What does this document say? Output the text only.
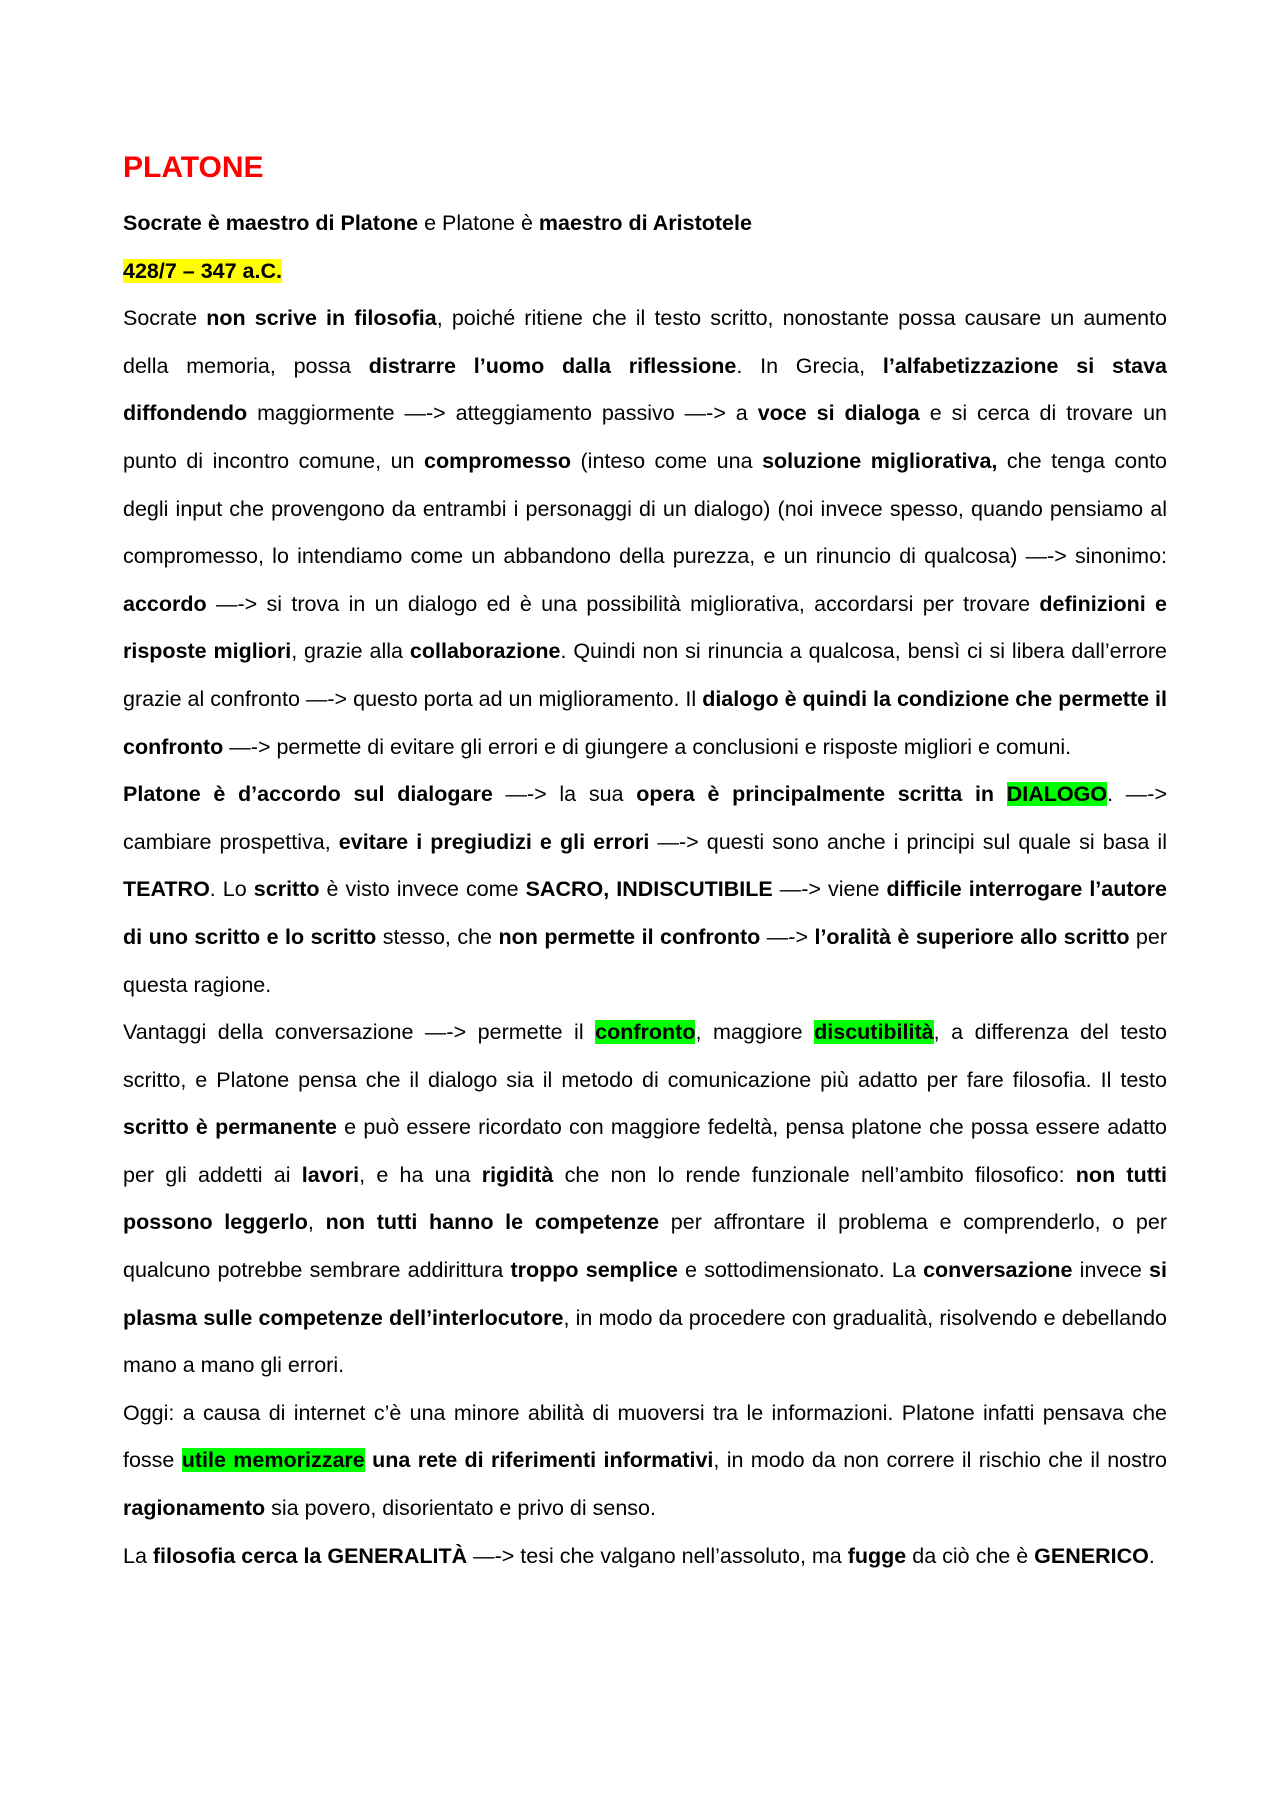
PLATONE
Socrate è maestro di Platone e Platone è maestro di Aristotele
428/7 – 347 a.C.

Socrate non scrive in filosofia, poiché ritiene che il testo scritto, nonostante possa causare un aumento della memoria, possa distrarre l’uomo dalla riflessione. In Grecia, l’alfabetizzazione si stava diffondendo maggiormente —-> atteggiamento passivo —-> a voce si dialoga e si cerca di trovare un punto di incontro comune, un compromesso (inteso come una soluzione migliorativa, che tenga conto degli input che provengono da entrambi i personaggi di un dialogo) (noi invece spesso, quando pensiamo al compromesso, lo intendiamo come un abbandono della purezza, e un rinuncio di qualcosa) —-> sinonimo: accordo —-> si trova in un dialogo ed è una possibilità migliorativa, accordarsi per trovare definizioni e risposte migliori, grazie alla collaborazione. Quindi non si rinuncia a qualcosa, bensì ci si libera dall’errore grazie al confronto —-> questo porta ad un miglioramento. Il dialogo è quindi la condizione che permette il confronto —-> permette di evitare gli errori e di giungere a conclusioni e risposte migliori e comuni.

Platone è d’accordo sul dialogare —-> la sua opera è principalmente scritta in DIALOGO. —-> cambiare prospettiva, evitare i pregiudizi e gli errori —-> questi sono anche i principi sul quale si basa il TEATRO. Lo scritto è visto invece come SACRO, INDISCUTIBILE —-> viene difficile interrogare l’autore di uno scritto e lo scritto stesso, che non permette il confronto —-> l’oralità è superiore allo scritto per questa ragione.

Vantaggi della conversazione —-> permette il confronto, maggiore discutibilità, a differenza del testo scritto, e Platone pensa che il dialogo sia il metodo di comunicazione più adatto per fare filosofia. Il testo scritto è permanente e può essere ricordato con maggiore fedeltà, pensa platone che possa essere adatto per gli addetti ai lavori, e ha una rigidità che non lo rende funzionale nell’ambito filosofico: non tutti possono leggerlo, non tutti hanno le competenze per affrontare il problema e comprenderlo, o per qualcuno potrebbe sembrare addirittura troppo semplice e sottodimensionato. La conversazione invece si plasma sulle competenze dell’interlocutore, in modo da procedere con gradualità, risolvendo e debellando mano a mano gli errori.

Oggi: a causa di internet c’è una minore abilità di muoversi tra le informazioni. Platone infatti pensava che fosse utile memorizzare una rete di riferimenti informativi, in modo da non correre il rischio che il nostro ragionamento sia povero, disorientato e privo di senso.

La filosofia cerca la GENERALITÀ —-> tesi che valgano nell’assoluto, ma fugge da ciò che è GENERICO.
